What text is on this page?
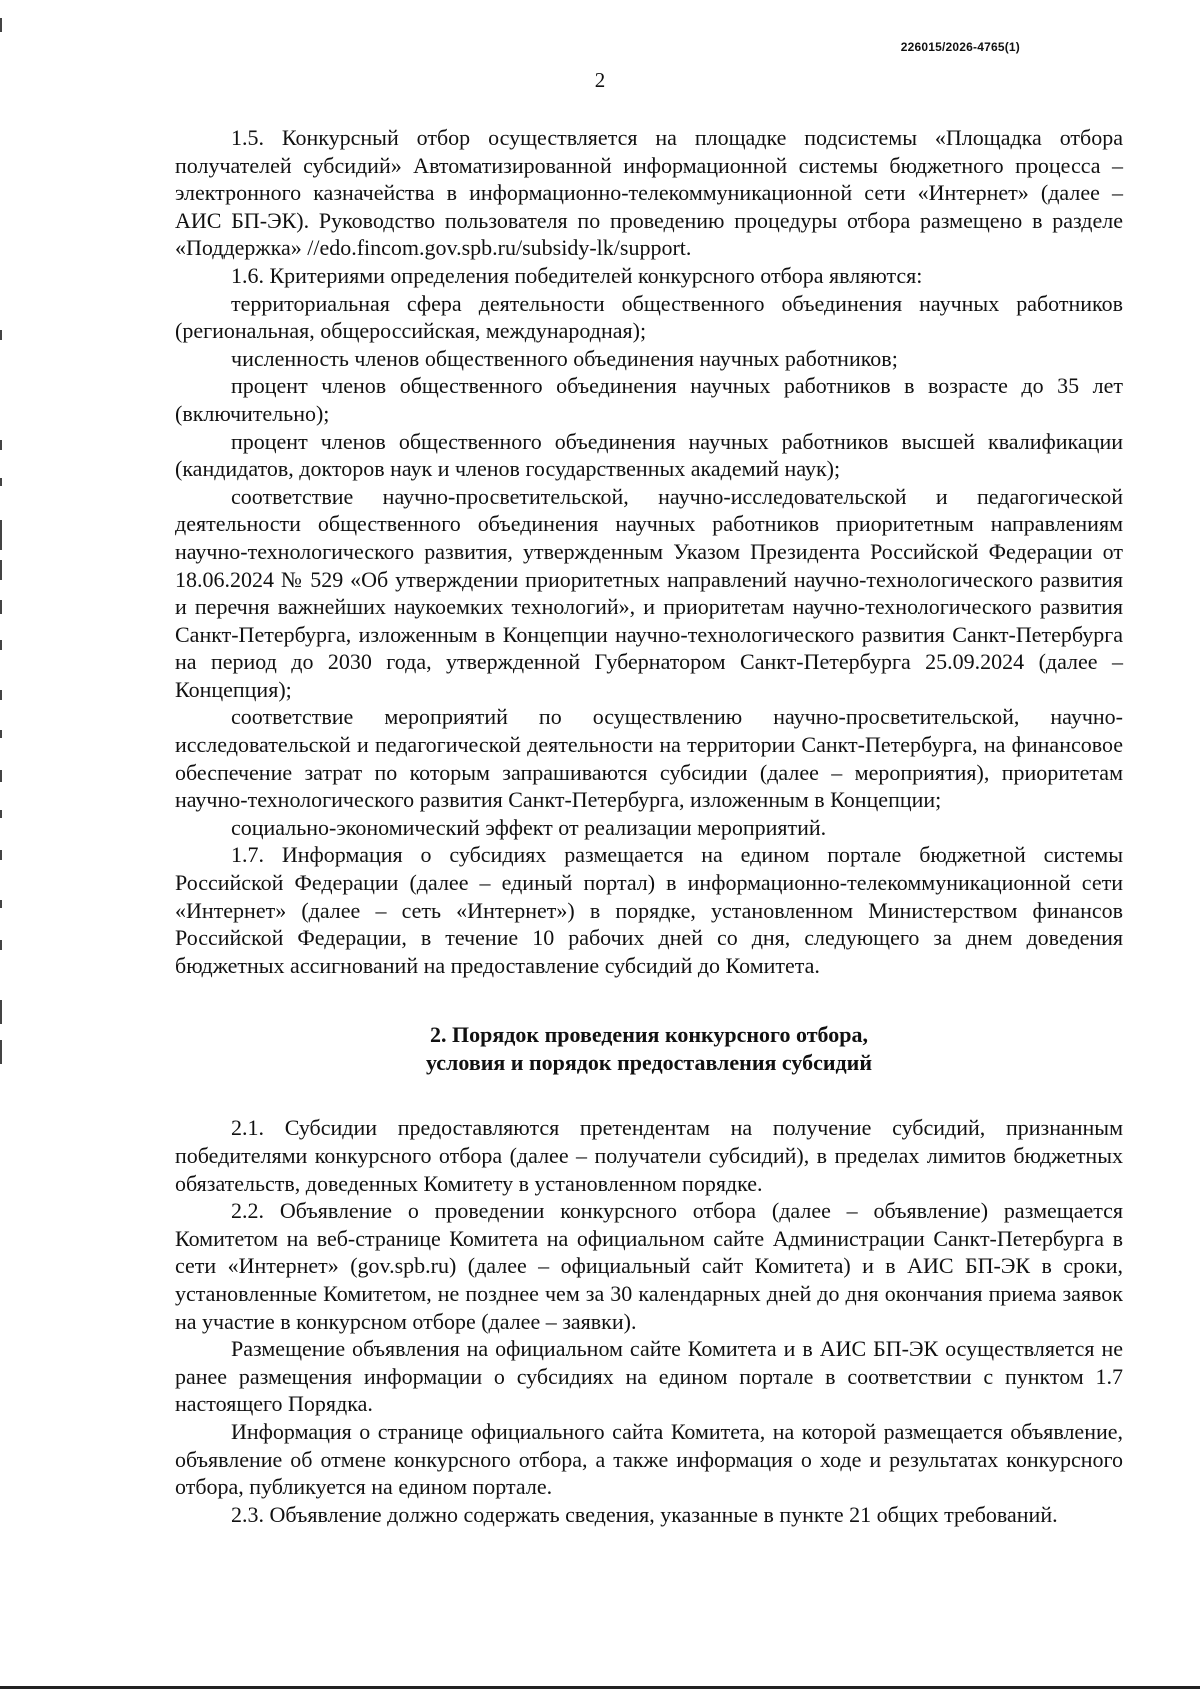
226015/2026-4765(1)
2

1.5. Конкурсный отбор осуществляется на площадке подсистемы «Площадка отбора получателей субсидий» Автоматизированной информационной системы бюджетного процесса – электронного казначейства в информационно-телекоммуникационной сети «Интернет» (далее – АИС БП-ЭК). Руководство пользователя по проведению процедуры отбора размещено в разделе «Поддержка» //edo.fincom.gov.spb.ru/subsidy-lk/support.

1.6. Критериями определения победителей конкурсного отбора являются:

территориальная сфера деятельности общественного объединения научных работников (региональная, общероссийская, международная);

численность членов общественного объединения научных работников;

процент членов общественного объединения научных работников в возрасте до 35 лет (включительно);

процент членов общественного объединения научных работников высшей квалификации (кандидатов, докторов наук и членов государственных академий наук);

соответствие научно-просветительской, научно-исследовательской и педагогической деятельности общественного объединения научных работников приоритетным направлениям научно-технологического развития, утвержденным Указом Президента Российской Федерации от 18.06.2024 № 529 «Об утверждении приоритетных направлений научно-технологического развития и перечня важнейших наукоемких технологий», и приоритетам научно-технологического развития Санкт-Петербурга, изложенным в Концепции научно-технологического развития Санкт-Петербурга на период до 2030 года, утвержденной Губернатором Санкт-Петербурга 25.09.2024 (далее – Концепция);

соответствие мероприятий по осуществлению научно-просветительской, научно-исследовательской и педагогической деятельности на территории Санкт-Петербурга, на финансовое обеспечение затрат по которым запрашиваются субсидии (далее – мероприятия), приоритетам научно-технологического развития Санкт-Петербурга, изложенным в Концепции;

социально-экономический эффект от реализации мероприятий.

1.7. Информация о субсидиях размещается на едином портале бюджетной системы Российской Федерации (далее – единый портал) в информационно-телекоммуникационной сети «Интернет» (далее – сеть «Интернет») в порядке, установленном Министерством финансов Российской Федерации, в течение 10 рабочих дней со дня, следующего за днем доведения бюджетных ассигнований на предоставление субсидий до Комитета.

2. Порядок проведения конкурсного отбора,
условия и порядок предоставления субсидий

2.1. Субсидии предоставляются претендентам на получение субсидий, признанным победителями конкурсного отбора (далее – получатели субсидий), в пределах лимитов бюджетных обязательств, доведенных Комитету в установленном порядке.

2.2. Объявление о проведении конкурсного отбора (далее – объявление) размещается Комитетом на веб-странице Комитета на официальном сайте Администрации Санкт-Петербурга в сети «Интернет» (gov.spb.ru) (далее – официальный сайт Комитета) и в АИС БП-ЭК в сроки, установленные Комитетом, не позднее чем за 30 календарных дней до дня окончания приема заявок на участие в конкурсном отборе (далее – заявки).

Размещение объявления на официальном сайте Комитета и в АИС БП-ЭК осуществляется не ранее размещения информации о субсидиях на едином портале в соответствии с пунктом 1.7 настоящего Порядка.

Информация о странице официального сайта Комитета, на которой размещается объявление, объявление об отмене конкурсного отбора, а также информация о ходе и результатах конкурсного отбора, публикуется на едином портале.

2.3. Объявление должно содержать сведения, указанные в пункте 21 общих требований.
